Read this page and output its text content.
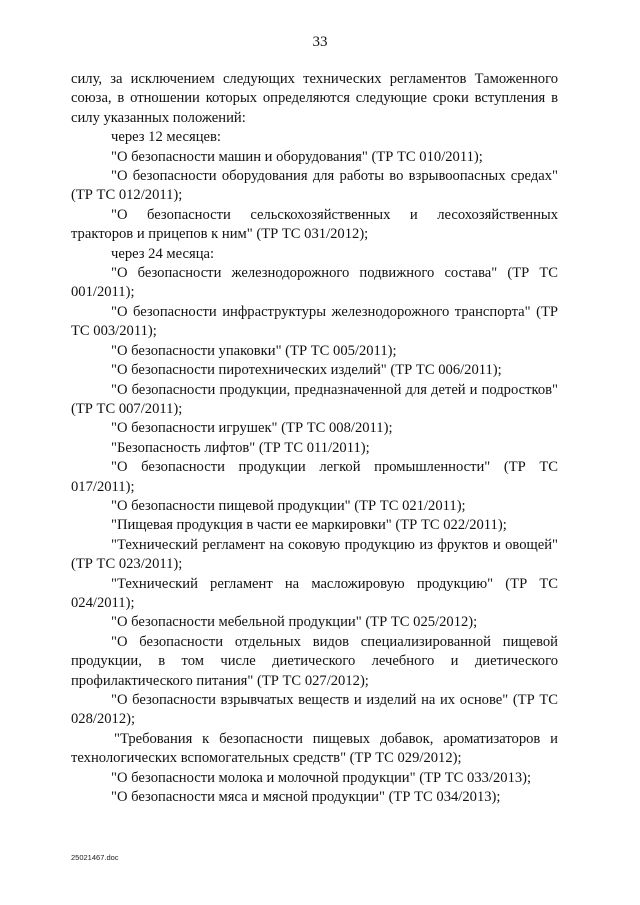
33

силу, за исключением следующих технических регламентов Таможенного союза, в отношении которых определяются следующие сроки вступления в силу указанных положений:

через 12 месяцев:

"О безопасности машин и оборудования" (ТР ТС 010/2011);

"О безопасности оборудования для работы во взрывоопасных средах" (ТР ТС 012/2011);

"О безопасности сельскохозяйственных и лесохозяйственных тракторов и прицепов к ним" (ТР ТС 031/2012);

через 24 месяца:

"О безопасности железнодорожного подвижного состава" (ТР ТС 001/2011);

"О безопасности инфраструктуры железнодорожного транспорта" (ТР ТС 003/2011);

"О безопасности упаковки" (ТР ТС 005/2011);

"О безопасности пиротехнических изделий" (ТР ТС 006/2011);

"О безопасности продукции, предназначенной для детей и подростков" (ТР ТС 007/2011);

"О безопасности игрушек" (ТР ТС 008/2011);

"Безопасность лифтов" (ТР ТС 011/2011);

"О безопасности продукции легкой промышленности" (ТР ТС 017/2011);

"О безопасности пищевой продукции" (ТР ТС 021/2011);

"Пищевая продукция в части ее маркировки" (ТР ТС 022/2011);

"Технический регламент на соковую продукцию из фруктов и овощей" (ТР ТС 023/2011);

"Технический регламент на масложировую продукцию" (ТР ТС 024/2011);

"О безопасности мебельной продукции" (ТР ТС 025/2012);

"О безопасности отдельных видов специализированной пищевой продукции, в том числе диетического лечебного и диетического профилактического питания" (ТР ТС 027/2012);

"О безопасности взрывчатых веществ и изделий на их основе" (ТР ТС 028/2012);

"Требования к безопасности пищевых добавок, ароматизаторов и технологических вспомогательных средств" (ТР ТС 029/2012);

"О безопасности молока и молочной продукции" (ТР ТС 033/2013);

"О безопасности мяса и мясной продукции" (ТР ТС 034/2013);

25021467.doc
